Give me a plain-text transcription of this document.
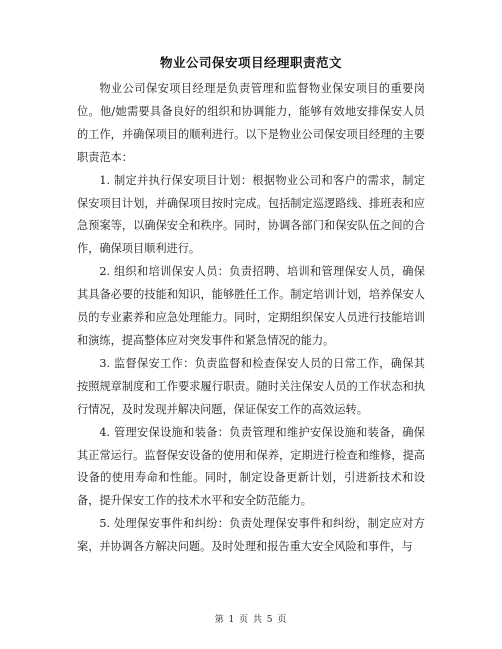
物业公司保安项目经理职责范文

物业公司保安项目经理是负责管理和监督物业保安项目的重要岗位。他/她需要具备良好的组织和协调能力，能够有效地安排保安人员的工作，并确保项目的顺利进行。以下是物业公司保安项目经理的主要职责范本：

1. 制定并执行保安项目计划：根据物业公司和客户的需求，制定保安项目计划，并确保项目按时完成。包括制定巡逻路线、排班表和应急预案等，以确保安全和秩序。同时，协调各部门和保安队伍之间的合作，确保项目顺利进行。

2. 组织和培训保安人员：负责招聘、培训和管理保安人员，确保其具备必要的技能和知识，能够胜任工作。制定培训计划，培养保安人员的专业素养和应急处理能力。同时，定期组织保安人员进行技能培训和演练，提高整体应对突发事件和紧急情况的能力。

3. 监督保安工作：负责监督和检查保安人员的日常工作，确保其按照规章制度和工作要求履行职责。随时关注保安人员的工作状态和执行情况，及时发现并解决问题，保证保安工作的高效运转。

4. 管理安保设施和装备：负责管理和维护安保设施和装备，确保其正常运行。监督保安设备的使用和保养，定期进行检查和维修，提高设备的使用寿命和性能。同时，制定设备更新计划，引进新技术和设备，提升保安工作的技术水平和安全防范能力。

5. 处理保安事件和纠纷：负责处理保安事件和纠纷，制定应对方案，并协调各方解决问题。及时处理和报告重大安全风险和事件，与

第 1 页 共 5 页
